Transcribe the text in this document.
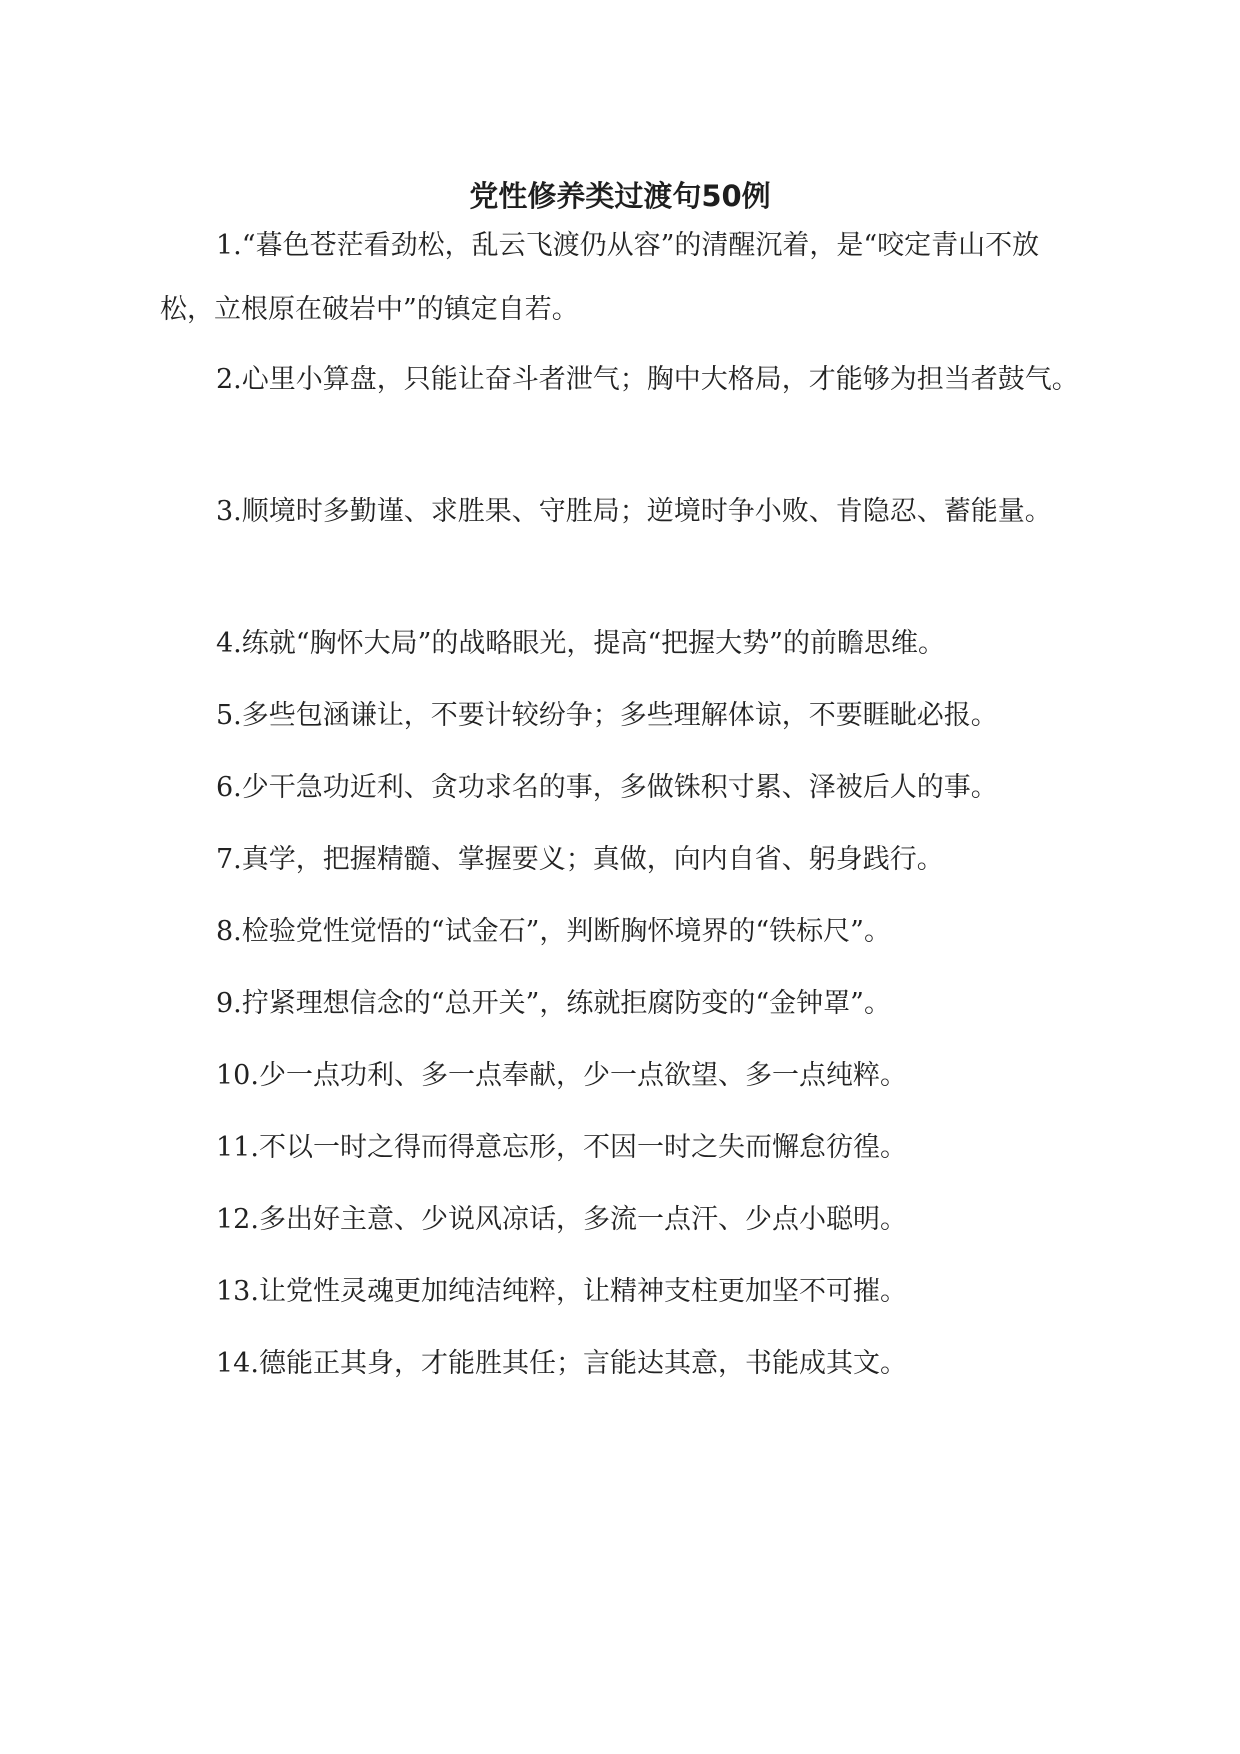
党性修养类过渡句50例

1.“暮色苍茫看劲松，乱云飞渡仍从容”的清醒沉着，是“咬定青山不放松，立根原在破岩中”的镇定自若。

2.心里小算盘，只能让奋斗者泄气；胸中大格局，才能够为担当者鼓气。

3.顺境时多勤谨、求胜果、守胜局；逆境时争小败、肯隐忍、蓄能量。

4.练就“胸怀大局”的战略眼光，提高“把握大势”的前瞻思维。

5.多些包涵谦让，不要计较纷争；多些理解体谅，不要睚眦必报。

6.少干急功近利、贪功求名的事，多做铢积寸累、泽被后人的事。

7.真学，把握精髓、掌握要义；真做，向内自省、躬身践行。

8.检验党性觉悟的“试金石”，判断胸怀境界的“铁标尺”。

9.拧紧理想信念的“总开关”，练就拒腐防变的“金钟罩”。

10.少一点功利、多一点奉献，少一点欲望、多一点纯粹。

11.不以一时之得而得意忘形，不因一时之失而懈怠彷徨。

12.多出好主意、少说风凉话，多流一点汗、少点小聪明。

13.让党性灵魂更加纯洁纯粹，让精神支柱更加坚不可摧。

14.德能正其身，才能胜其任；言能达其意，书能成其文。
